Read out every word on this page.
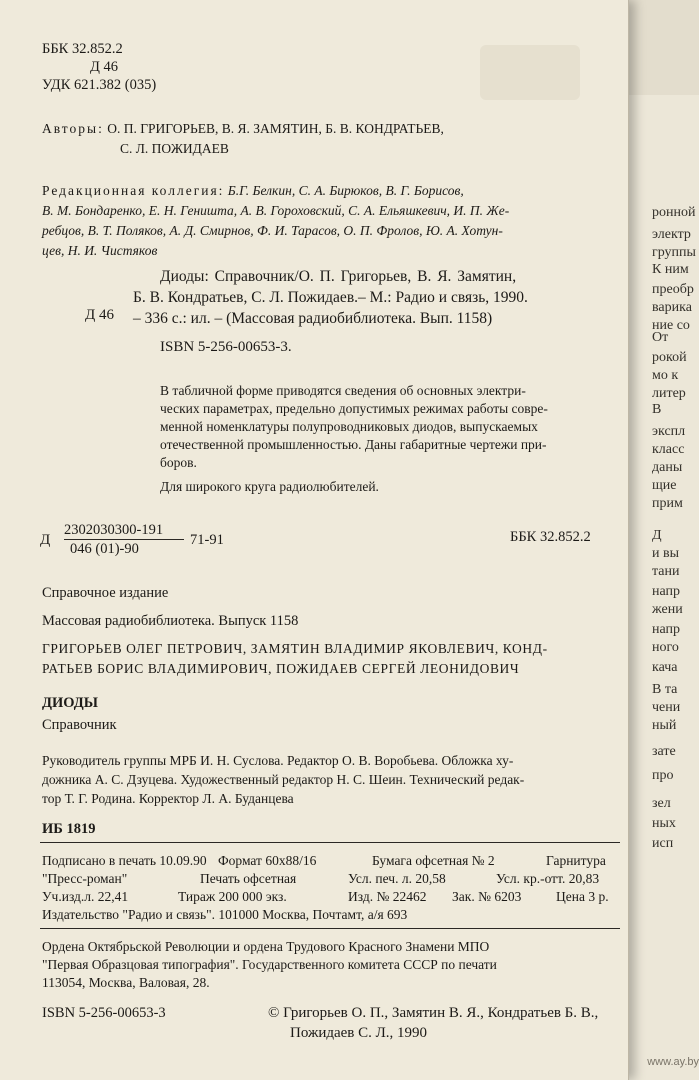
ронной
электр
группы
К ним
преобр
варика
ние со
От
рокой
мо к
литер
В
экспл
класс
даны
щие
прим
Д
и вы
тани
напр
жени
напр
ного
кача
В та
чени
ный
зате
про
зел
ных
исп
www.ay.by
ББК 32.852.2
Д 46
УДК 621.382 (035)
Авторы: О. П. ГРИГОРЬЕВ, В. Я. ЗАМЯТИН, Б. В. КОНДРАТЬЕВ,
С. Л. ПОЖИДАЕВ
Редакционная коллегия: Б.Г. Белкин, С. А. Бирюков, В. Г. Борисов,
В. М. Бондаренко, Е. Н. Геништа, А. В. Гороховский, С. А. Ельяшкевич, И. П. Же-
ребцов, В. Т. Поляков, А. Д. Смирнов, Ф. И. Тарасов, О. П. Фролов, Ю. А. Хотун-
цев, Н. И. Чистяков
Д 46
Диоды: Справочник/О. П. Григорьев, В. Я. Замятин,
Б. В. Кондратьев, С. Л. Пожидаев.– М.: Радио и связь, 1990.
– 336 с.: ил. – (Массовая радиобиблиотека. Вып. 1158)
ISBN 5-256-00653-3.
В табличной форме приводятся сведения об основных электри-
ческих параметрах, предельно допустимых режимах работы совре-
менной номенклатуры полупроводниковых диодов, выпускаемых
отечественной промышленностью. Даны габаритные чертежи при-
боров.
Для широкого круга радиолюбителей.
Д
2302030300-191
046 (01)-90
71-91	ББК 32.852.2
Справочное издание
Массовая радиобиблиотека. Выпуск 1158
ГРИГОРЬЕВ ОЛЕГ ПЕТРОВИЧ, ЗАМЯТИН ВЛАДИМИР ЯКОВЛЕВИЧ, КОНД-
РАТЬЕВ БОРИС ВЛАДИМИРОВИЧ, ПОЖИДАЕВ СЕРГЕЙ ЛЕОНИДОВИЧ
ДИОДЫ
Справочник
Руководитель группы МРБ И. Н. Суслова. Редактор О. В. Воробьева. Обложка ху-
дожника А. С. Дзуцева. Художественный редактор Н. С. Шеин. Технический редак-
тор Т. Г. Родина. Корректор Л. А. Буданцева
ИБ 1819
Подписано в печать 10.09.90 Формат 60х88/16	Бумага офсетная № 2	Гарнитура
"Пресс-роман"	Печать офсетная	Усл. печ. л. 20,58	Усл. кр.-отт. 20,83
Уч.изд.л. 22,41	Тираж 200 000 экз.	Изд. № 22462 Зак. № 6203	Цена 3 р.
Издательство "Радио и связь". 101000 Москва, Почтамт, а/я 693
Ордена Октябрьской Революции и ордена Трудового Красного Знамени МПО
"Первая Образцовая типография". Государственного комитета СССР по печати
113054, Москва, Валовая, 28.
ISBN 5-256-00653-3	© Григорьев О. П., Замятин В. Я., Кондратьев Б. В.,
Пожидаев С. Л., 1990
